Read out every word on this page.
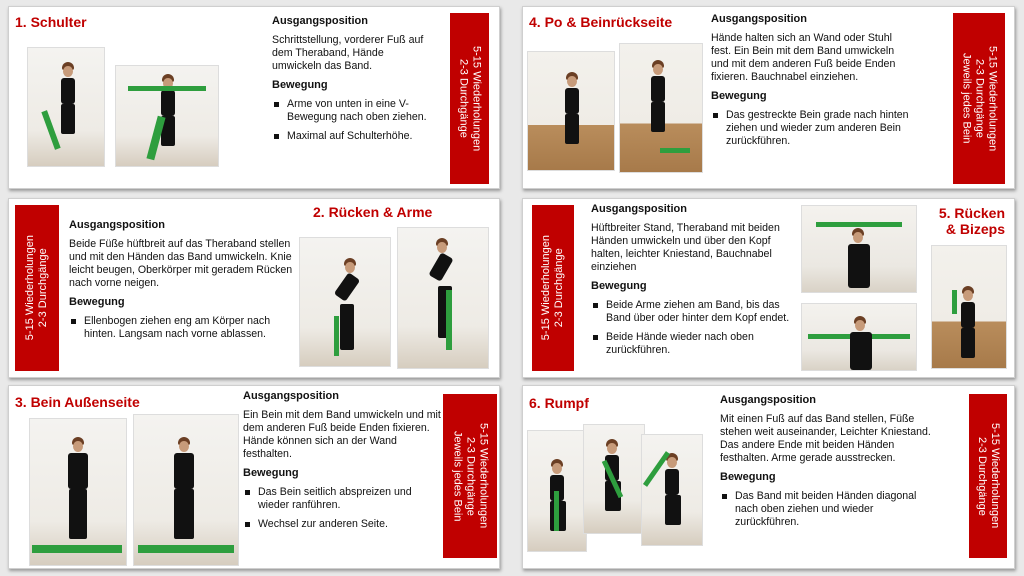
1. Schulter	Ausgangsposition
Schrittstellung, vorderer Fuß auf dem Theraband, Hände umwickeln das Band.
Bewegung
Arme von unten in eine V-Bewegung nach oben ziehen.
Maximal auf Schulterhöhe.	5-15 Wiederholungen
2-3 Durchgänge
4. Po & Beinrückseite	Ausgangsposition
Hände halten sich an Wand oder Stuhl fest. Ein Bein mit dem Band umwickeln und mit dem anderen Fuß beide Enden fixieren. Bauchnabel einziehen.
Bewegung
Das gestreckte Bein grade nach hinten ziehen und wieder zum anderen Bein zurückführen.	5-15 Wiederholungen
2-3 Durchgänge
Jeweils jedes Bein
5-15 Wiederholungen 2-3 Durchgänge
Ausgangsposition
Beide Füße hüftbreit auf das Theraband stellen und mit den Händen das Band umwickeln. Knie leicht beugen, Oberkörper mit geradem Rücken nach vorne neigen.
Bewegung
Ellenbogen ziehen eng am Körper nach hinten. Langsam nach vorne ablassen.
2. Rücken & Arme
5-15 Wiederholungen 2-3 Durchgänge
Ausgangsposition
Hüftbreiter Stand, Theraband mit beiden Händen umwickeln und über den Kopf halten, leichter Kniestand, Bauchnabel einziehen
Bewegung
Beide Arme ziehen am Band, bis das Band über oder hinter dem Kopf endet.
Beide Hände wieder nach oben zurückführen.
5. Rücken
& Bizeps
3. Bein Außenseite	Ausgangsposition
Ein Bein mit dem Band umwickeln und mit dem anderen Fuß beide Enden fixieren. Hände können sich an der Wand festhalten.
Bewegung
Das Bein seitlich abspreizen und wieder ranführen.
Wechsel zur anderen Seite.	5-15 Wiederholungen
2-3 Durchgänge
Jeweils jedes Bein
6. Rumpf	Ausgangsposition
Mit einen Fuß auf das Band stellen, Füße stehen weit auseinander, Leichter Kniestand. Das andere Ende mit beiden Händen festhalten. Arme gerade ausstrecken.
Bewegung
Das Band mit beiden Händen diagonal nach oben ziehen und wieder zurückführen.	5-15 Wiederholungen
2-3 Durchgänge
